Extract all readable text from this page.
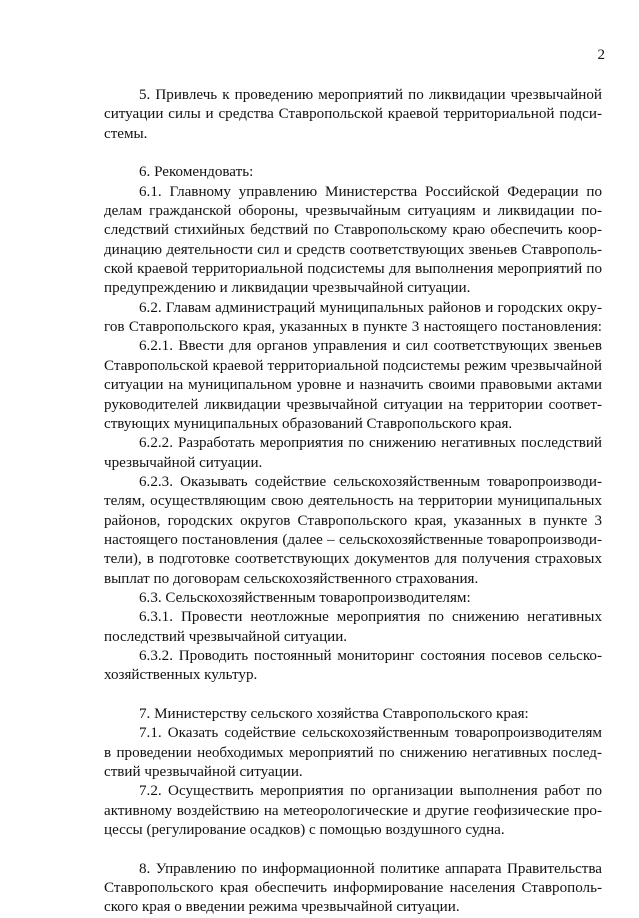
2
5. Привлечь к проведению мероприятий по ликвидации чрезвычайной
ситуации силы и средства Ставропольской краевой территориальной подси-
стемы.
6. Рекомендовать:
6.1. Главному управлению Министерства Российской Федерации по
делам гражданской обороны, чрезвычайным ситуациям и ликвидации по-
следствий стихийных бедствий по Ставропольскому краю обеспечить коор-
динацию деятельности сил и средств соответствующих звеньев Ставрополь-
ской краевой территориальной подсистемы для выполнения мероприятий по
предупреждению и ликвидации чрезвычайной ситуации.
6.2. Главам администраций муниципальных районов и городских окру-
гов Ставропольского края, указанных в пункте 3 настоящего постановления:
6.2.1. Ввести для органов управления и сил соответствующих звеньев
Ставропольской краевой территориальной подсистемы режим чрезвычайной
ситуации на муниципальном уровне и назначить своими правовыми актами
руководителей ликвидации чрезвычайной ситуации на территории соответ-
ствующих муниципальных образований Ставропольского края.
6.2.2. Разработать мероприятия по снижению негативных последствий
чрезвычайной ситуации.
6.2.3. Оказывать содействие сельскохозяйственным товаропроизводи-
телям, осуществляющим свою деятельность на территории муниципальных
районов, городских округов Ставропольского края, указанных в пункте 3
настоящего постановления (далее – сельскохозяйственные товаропроизводи-
тели), в подготовке соответствующих документов для получения страховых
выплат по договорам сельскохозяйственного страхования.
6.3. Сельскохозяйственным товаропроизводителям:
6.3.1. Провести неотложные мероприятия по снижению негативных
последствий чрезвычайной ситуации.
6.3.2. Проводить постоянный мониторинг состояния посевов сельско-
хозяйственных культур.
7. Министерству сельского хозяйства Ставропольского края:
7.1. Оказать содействие сельскохозяйственным товаропроизводителям
в проведении необходимых мероприятий по снижению негативных послед-
ствий чрезвычайной ситуации.
7.2. Осуществить мероприятия по организации выполнения работ по
активному воздействию на метеорологические и другие геофизические про-
цессы (регулирование осадков) с помощью воздушного судна.
8. Управлению по информационной политике аппарата Правительства
Ставропольского края обеспечить информирование населения Ставрополь-
ского края о введении режима чрезвычайной ситуации.
